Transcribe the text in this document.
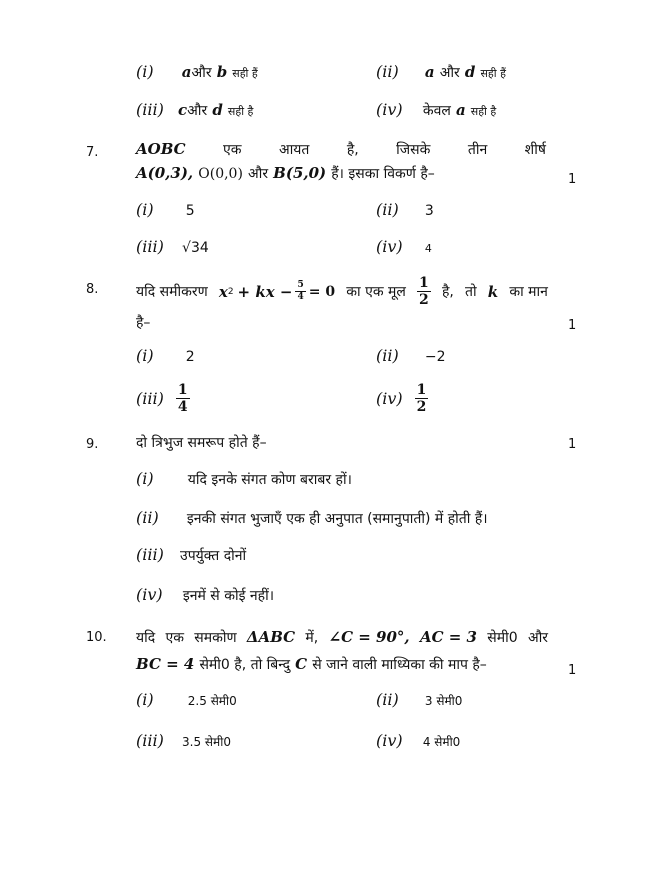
(i) aऔर b सही हैं	(ii) a और d सही हैं
(iii) cऔर d सही है	(iv) केवल a सही है
7.	AOBC	एक	आयत	है,	जिसके	तीन	शीर्ष
A(0,3), O(0,0) और B(5,0) हैं। इसका विकर्ण है–	1
(i) 5	(ii) 3
(iii) √34	(iv) 4
8.	यदि समीकरण x 2 + kx − $\frac{5}{4} = 0$ का एक मूल $\frac{1}{2}$ है, तो k का मान
है–	1
(i) 2	(ii) −2
$(iii) \frac{1}{4}$	$(iv) \frac{1}{2}$
9.	दो त्रिभुज समरूप होते हैं–	1
(i) यदि इनके संगत कोण बराबर हों।
(ii) इनकी संगत भुजाएँ एक ही अनुपात (समानुपाती) में होती हैं।
(iii) उपर्युक्त दोनों
(iv) इनमें से कोई नहीं।
10. यदि एक समकोण ΔABC में, ∠C = 90°, AC = 3 सेमी0 और
BC = 4 सेमी0 है, तो बिन्दु C से जाने वाली माध्यिका की माप है–	1
(i)	2.5 सेमी0	(ii) 3 सेमी0
(iii) 3.5 सेमी0	(iv) 4 सेमी0
